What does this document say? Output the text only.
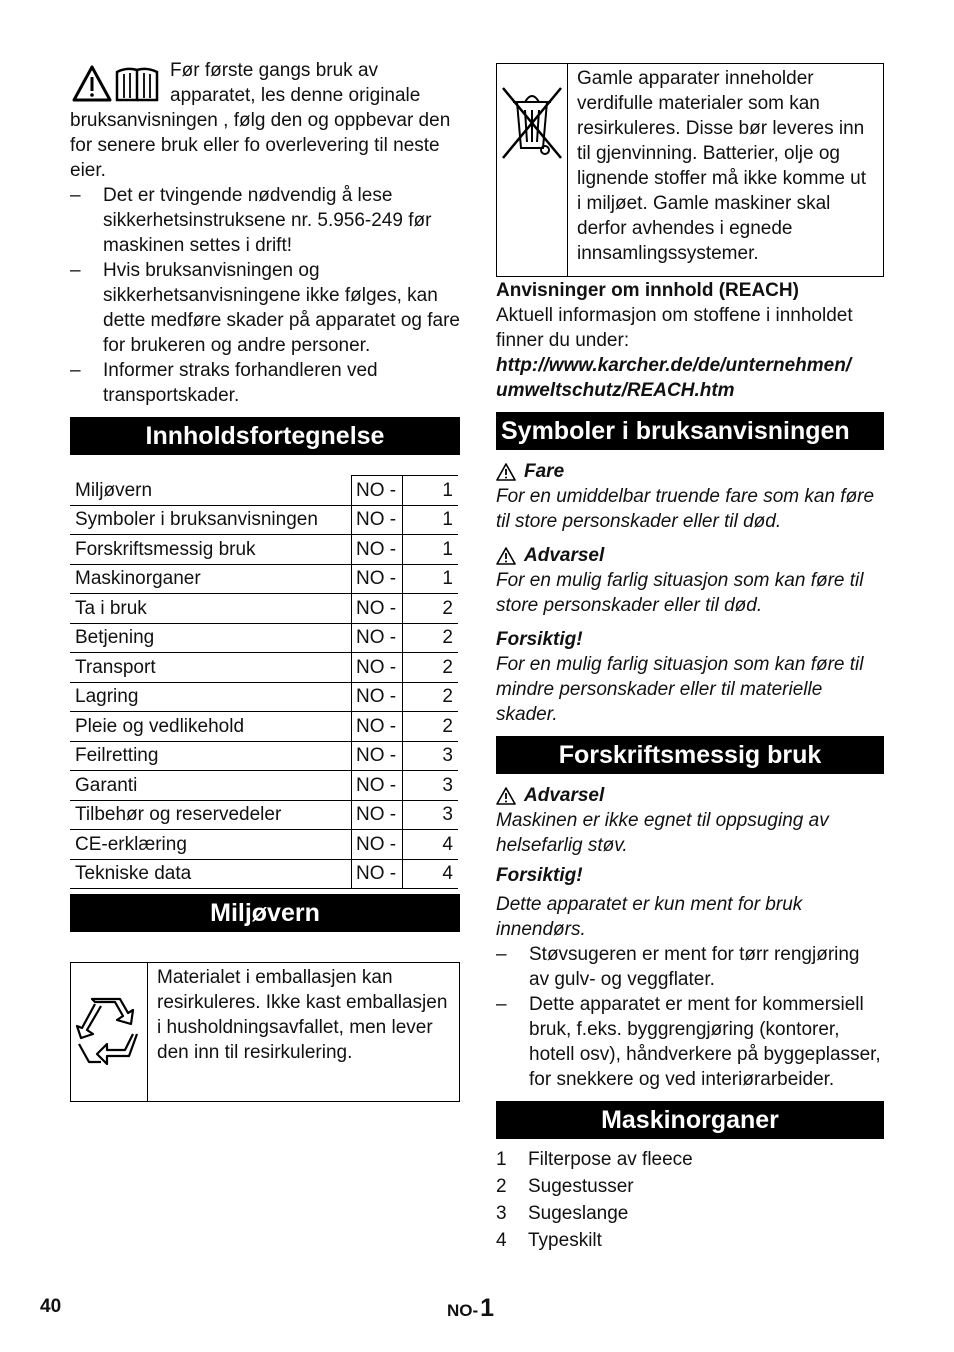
Før første gangs bruk av apparatet, les denne originale bruksanvisningen , følg den og oppbevar den for senere bruk eller fo overlevering til neste eier.

– Det er tvingende nødvendig å lese sikkerhetsinstruksene nr. 5.956-249 før maskinen settes i drift!
– Hvis bruksanvisningen og sikkerhetsanvisningene ikke følges, kan dette medføre skader på apparatet og fare for brukeren og andre personer.
– Informer straks forhandleren ved transportskader.
Innholdsfortegnelse
Miljøvern	NO -	1
Symboler i bruksanvisningen	NO -	1
Forskriftsmessig bruk	NO -	1
Maskinorganer	NO -	1
Ta i bruk	NO -	2
Betjening	NO -	2
Transport	NO -	2
Lagring	NO -	2
Pleie og vedlikehold	NO -	2
Feilretting	NO -	3
Garanti	NO -	3
Tilbehør og reservedeler	NO -	3
CE-erklæring	NO -	4
Tekniske data	NO -	4
Miljøvern
Materialet i emballasjen kan resirkuleres. Ikke kast emballasjen i husholdningsavfallet, men lever den inn til resirkulering.
Gamle apparater inneholder verdifulle materialer som kan resirkuleres. Disse bør leveres inn til gjenvinning. Batterier, olje og lignende stoffer må ikke komme ut i miljøet. Gamle maskiner skal derfor avhendes i egnede innsamlingssystemer.

Anvisninger om innhold (REACH)

Aktuell informasjon om stoffene i innholdet finner du under:

http://www.karcher.de/de/unternehmen/
umweltschutz/REACH.htm

Symboler i bruksanvisningen
Fare

For en umiddelbar truende fare som kan føre til store personskader eller til død.

Advarsel

For en mulig farlig situasjon som kan føre til store personskader eller til død.

Forsiktig!

For en mulig farlig situasjon som kan føre til mindre personskader eller til materielle skader.

Forskriftsmessig bruk
Advarsel

Maskinen er ikke egnet til oppsuging av helsefarlig støv.

Forsiktig!

Dette apparatet er kun ment for bruk innendørs.

– Støvsugeren er ment for tørr rengjøring av gulv- og veggflater.
– Dette apparatet er ment for kommersiell bruk, f.eks. byggrengjøring (kontorer, hotell osv), håndverkere på byggeplasser, for snekkere og ved interiørarbeider.
Maskinorganer
1	Filterpose av fleece
2	Sugestusser
3	Sugeslange
4	Typeskilt
40	NO-1
